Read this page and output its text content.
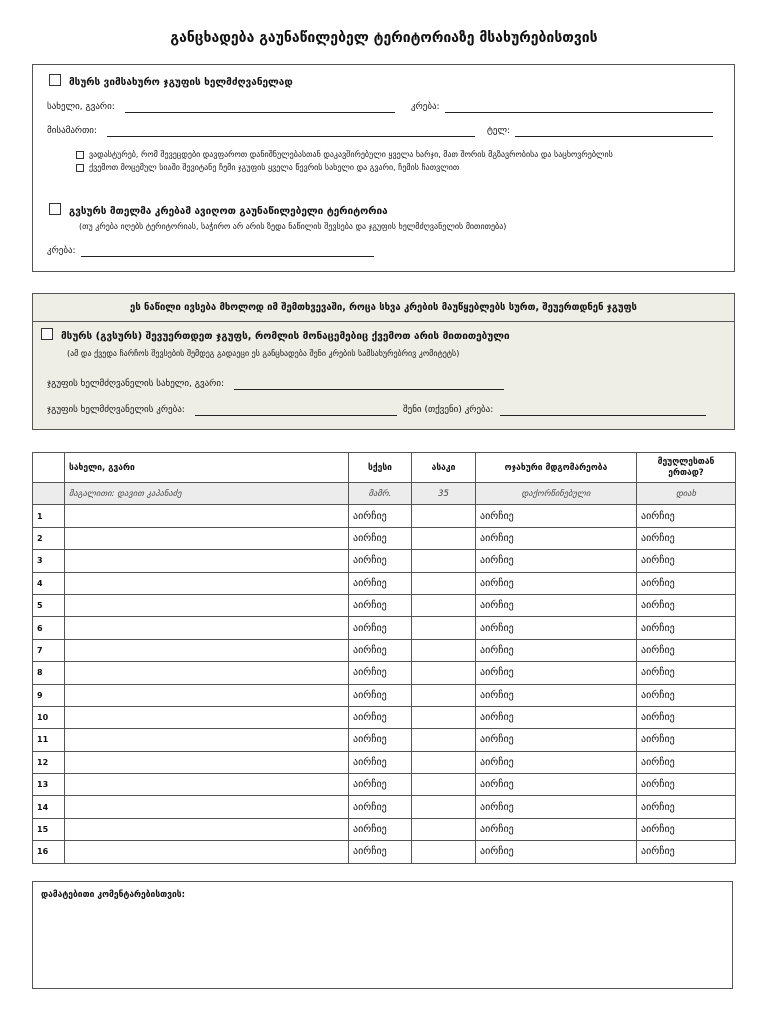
განცხადება გაუნაწილებელ ტერიტორიაზე მსახურებისთვის
მსურს ვიმსახურო ჯგუფის ხელმძღვანელად
სახელი, გვარი:	კრება:
მისამართი:	ტელ:
ვადასტურებ, რომ შევეცდები დავფაროთ დანიშნულებასთან დაკავშირებული ყველა ხარჯი, მათ შორის მგზავრობისა და საცხოვრებლის
ქვემოთ მოცემულ სიაში შევიტანე ჩემი ჯგუფის ყველა წევრის სახელი და გვარი, ჩემის ჩათვლით
გვსურს მთელმა კრებამ ავიღოთ გაუნაწილებელი ტერიტორია
(თუ კრება იღებს ტერიტორიას, საჭირო არ არის ზედა ნაწილის შევსება და ჯგუფის ხელმძღვანელის მითითება)
კრება:
ეს ნაწილი ივსება მხოლოდ იმ შემთხვევაში, როცა სხვა კრების მაუწყებლებს სურთ, შეუერთდნენ ჯგუფს
მსურს (გვსურს) შევუერთდეთ ჯგუფს, რომლის მონაცემებიც ქვემოთ არის მითითებული
(ამ და ქვედა ჩარჩოს შევსების შემდეგ გადაეცი ეს განცხადება შენი კრების სამსახურებრივ კომიტეტს)
ჯგუფის ხელმძღვანელის სახელი, გვარი:
ჯგუფის ხელმძღვანელის კრება:	შენი (თქვენი) კრება:
	სახელი, გვარი	სქესი	ასაკი	ოჯახური მდგომარეობა	მეუღლესთან ერთად?
	მაგალითი: დავით კაპანაძე	მამრ.	35	დაქორწინებული	დიახ
1		აირჩიე		აირჩიე	აირჩიე
2		აირჩიე		აირჩიე	აირჩიე
3		აირჩიე		აირჩიე	აირჩიე
4		აირჩიე		აირჩიე	აირჩიე
5		აირჩიე		აირჩიე	აირჩიე
6		აირჩიე		აირჩიე	აირჩიე
7		აირჩიე		აირჩიე	აირჩიე
8		აირჩიე		აირჩიე	აირჩიე
9		აირჩიე		აირჩიე	აირჩიე
10		აირჩიე		აირჩიე	აირჩიე
11		აირჩიე		აირჩიე	აირჩიე
12		აირჩიე		აირჩიე	აირჩიე
13		აირჩიე		აირჩიე	აირჩიე
14		აირჩიე		აირჩიე	აირჩიე
15		აირჩიე		აირჩიე	აირჩიე
16		აირჩიე		აირჩიე	აირჩიე
დამატებითი კომენტარებისთვის:
